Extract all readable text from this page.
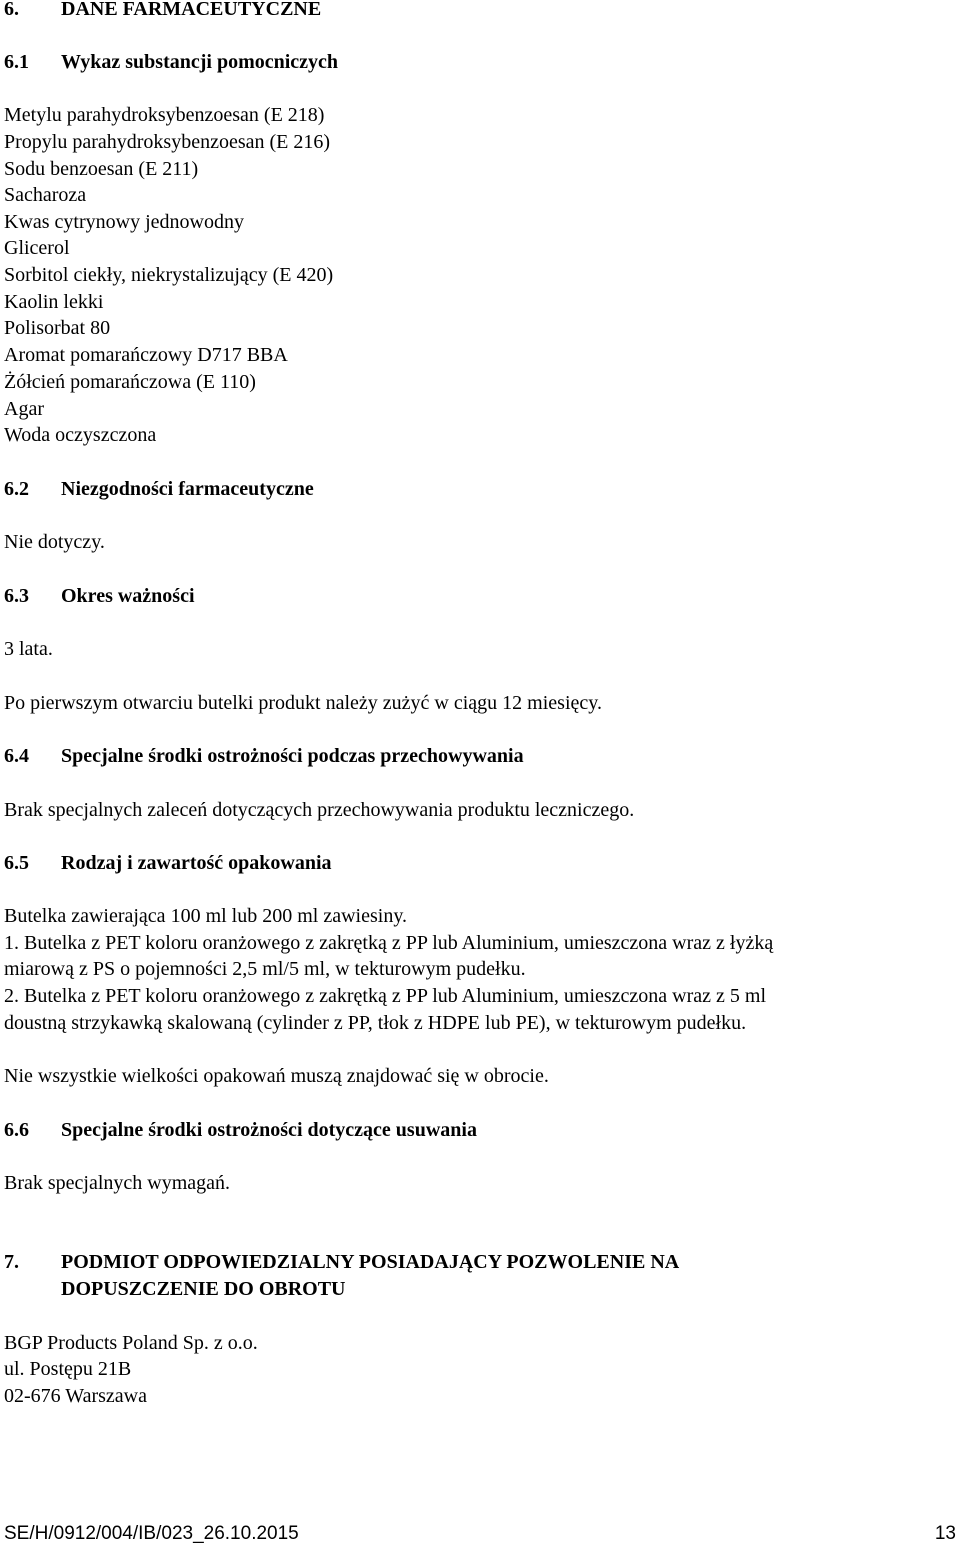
6. DANE FARMACEUTYCZNE
6.1 Wykaz substancji pomocniczych
Metylu parahydroksybenzoesan (E 218)
Propylu parahydroksybenzoesan (E 216)
Sodu benzoesan (E 211)
Sacharoza
Kwas cytrynowy jednowodny
Glicerol
Sorbitol ciekły, niekrystalizujący (E 420)
Kaolin lekki
Polisorbat 80
Aromat pomarańczowy D717 BBA
Żółcień pomarańczowa (E 110)
Agar
Woda oczyszczona
6.2 Niezgodności farmaceutyczne
Nie dotyczy.
6.3 Okres ważności
3 lata.
Po pierwszym otwarciu butelki produkt należy zużyć w ciągu 12 miesięcy.
6.4 Specjalne środki ostrożności podczas przechowywania
Brak specjalnych zaleceń dotyczących przechowywania produktu leczniczego.
6.5 Rodzaj i zawartość opakowania
Butelka zawierająca 100 ml lub 200 ml zawiesiny.
1. Butelka z PET koloru oranżowego z zakrętką z PP lub Aluminium, umieszczona wraz z łyżką
miarową z PS o pojemności 2,5 ml/5 ml, w tekturowym pudełku.
2. Butelka z PET koloru oranżowego z zakrętką z PP lub Aluminium, umieszczona wraz z 5 ml
doustną strzykawką skalowaną (cylinder z PP, tłok z HDPE lub PE), w tekturowym pudełku.
Nie wszystkie wielkości opakowań muszą znajdować się w obrocie.
6.6 Specjalne środki ostrożności dotyczące usuwania
Brak specjalnych wymagań.
7. PODMIOT ODPOWIEDZIALNY POSIADAJĄCY POZWOLENIE NA
DOPUSZCZENIE DO OBROTU
BGP Products Poland Sp. z o.o.
ul. Postępu 21B
02-676 Warszawa
SE/H/0912/004/IB/023_26.10.2015	13
